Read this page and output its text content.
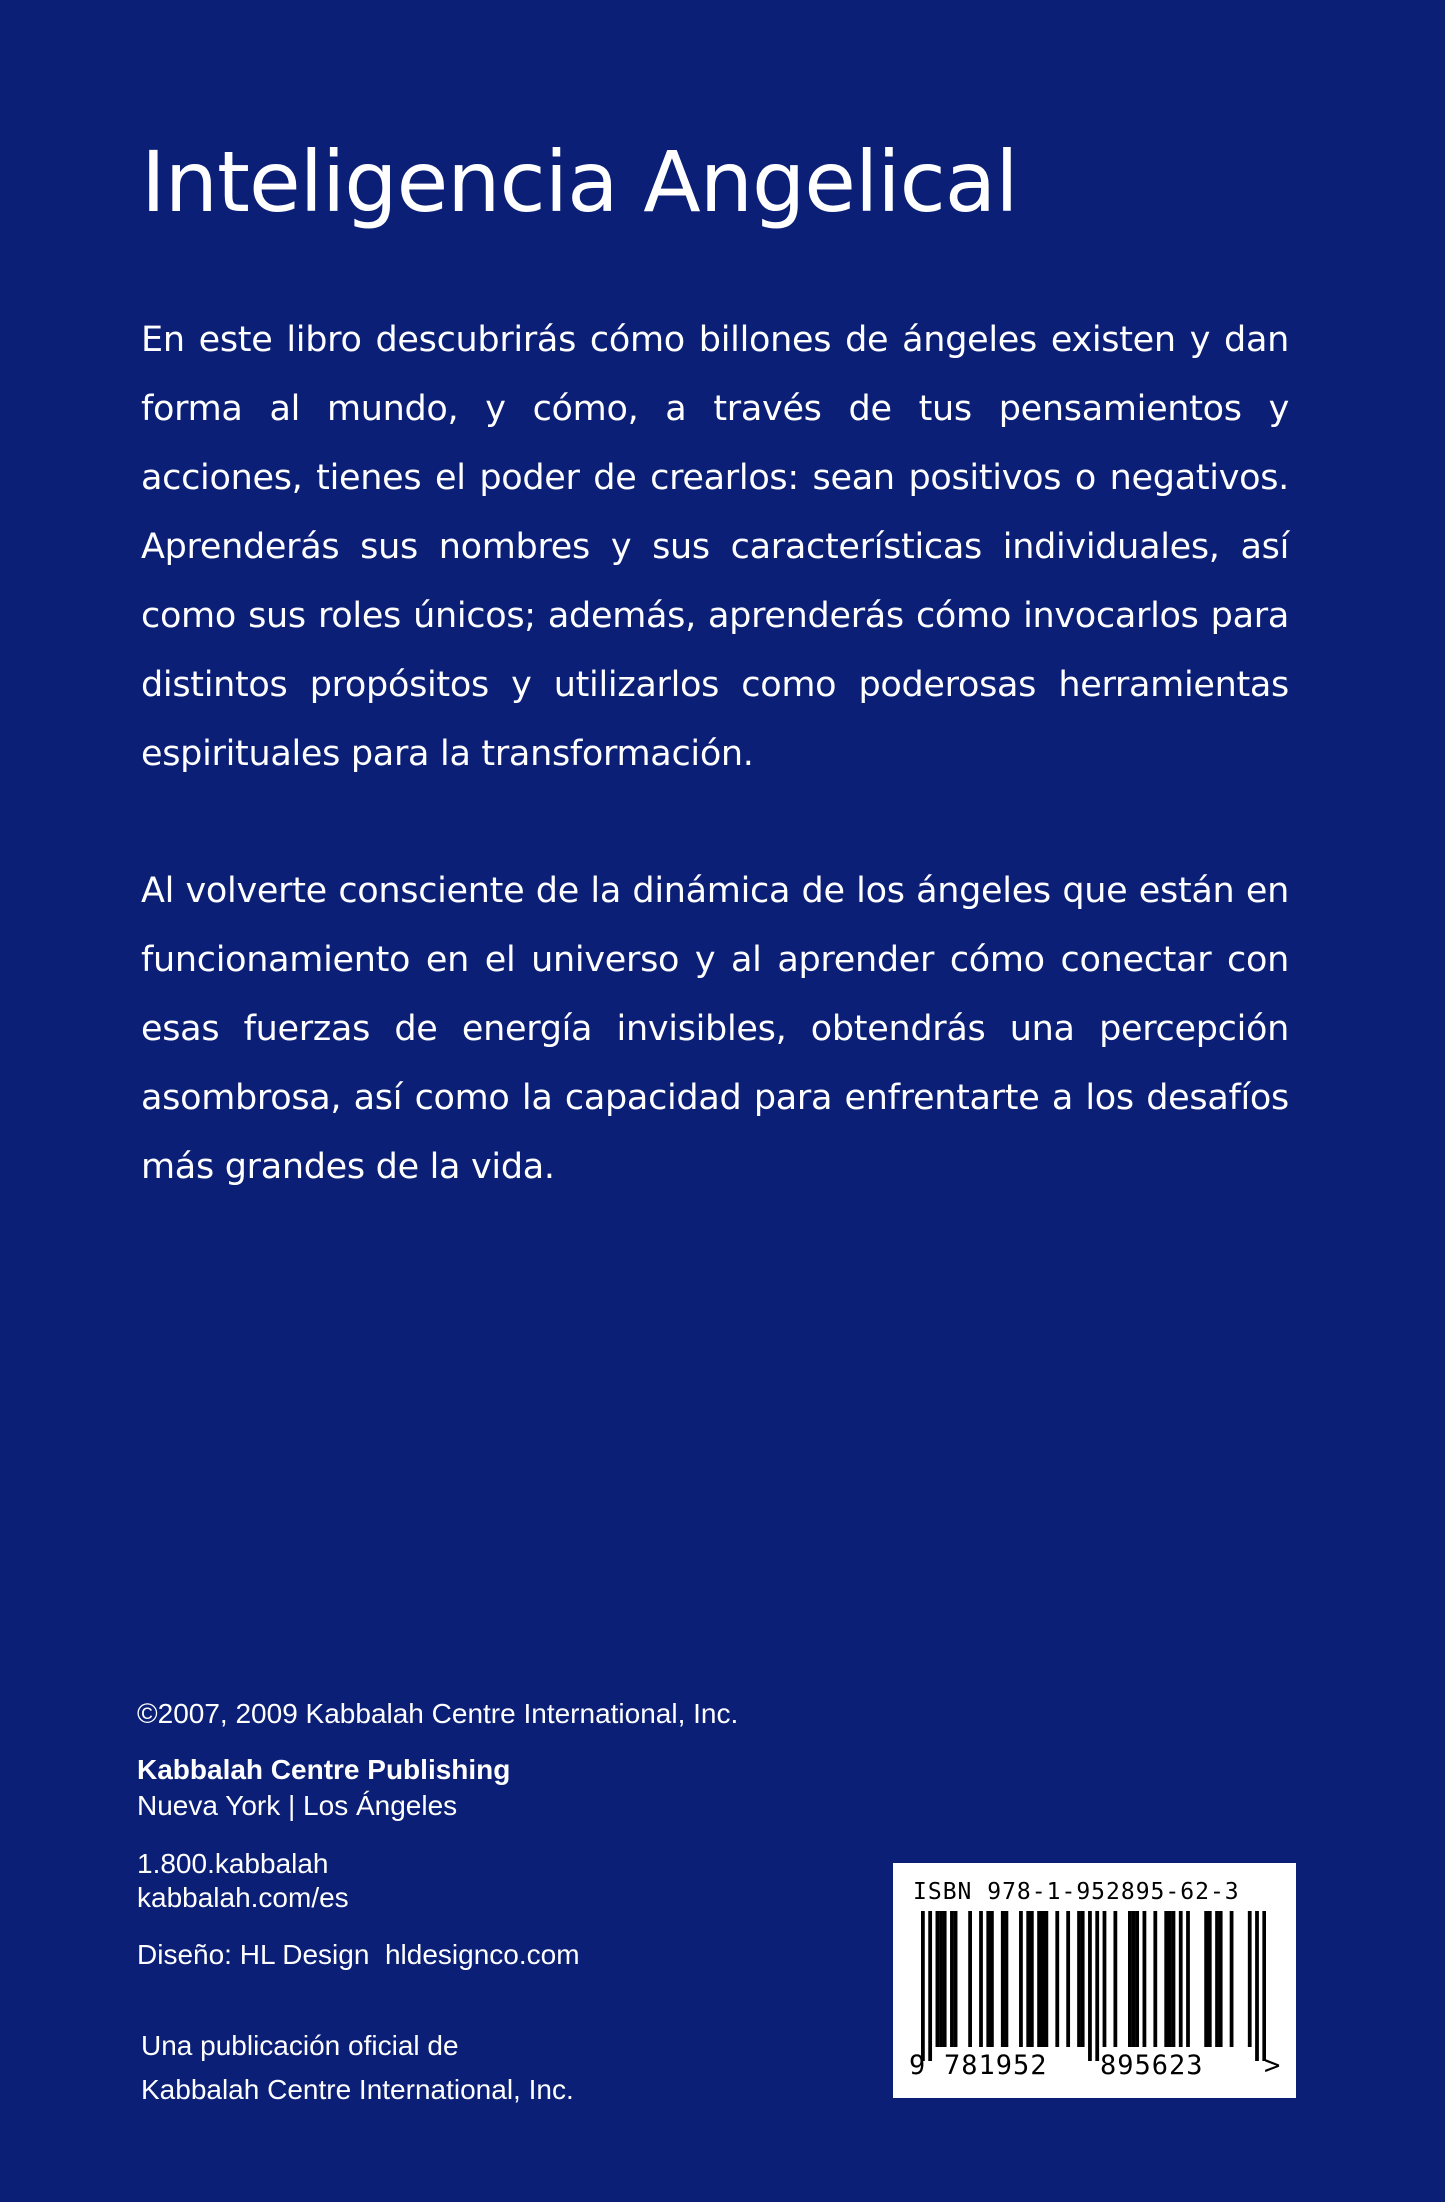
Inteligencia Angelical

En este libro descubrirás cómo billones de ángeles existen y dan forma al mundo, y cómo, a través de tus pensamientos y acciones, tienes el poder de crearlos: sean positivos o negativos. Aprenderás sus nombres y sus características individuales, así como sus roles únicos; además, aprenderás cómo invocarlos para distintos propósitos y utilizarlos como poderosas herramientas espirituales para la transformación.

Al volverte consciente de la dinámica de los ángeles que están en funcionamiento en el universo y al aprender cómo conectar con esas fuerzas de energía invisibles, obtendrás una percepción asombrosa, así como la capacidad para enfrentarte a los desafíos más grandes de la vida.

©2007, 2009 Kabbalah Centre International, Inc.

Kabbalah Centre Publishing

Nueva York | Los Ángeles

1.800.kabbalah

kabbalah.com/es

Diseño: HL Design  hldesignco.com

Una publicación oficial de

Kabbalah Centre International, Inc.

ISBN 978-1-952895-62-3
9 781952 895623 >
